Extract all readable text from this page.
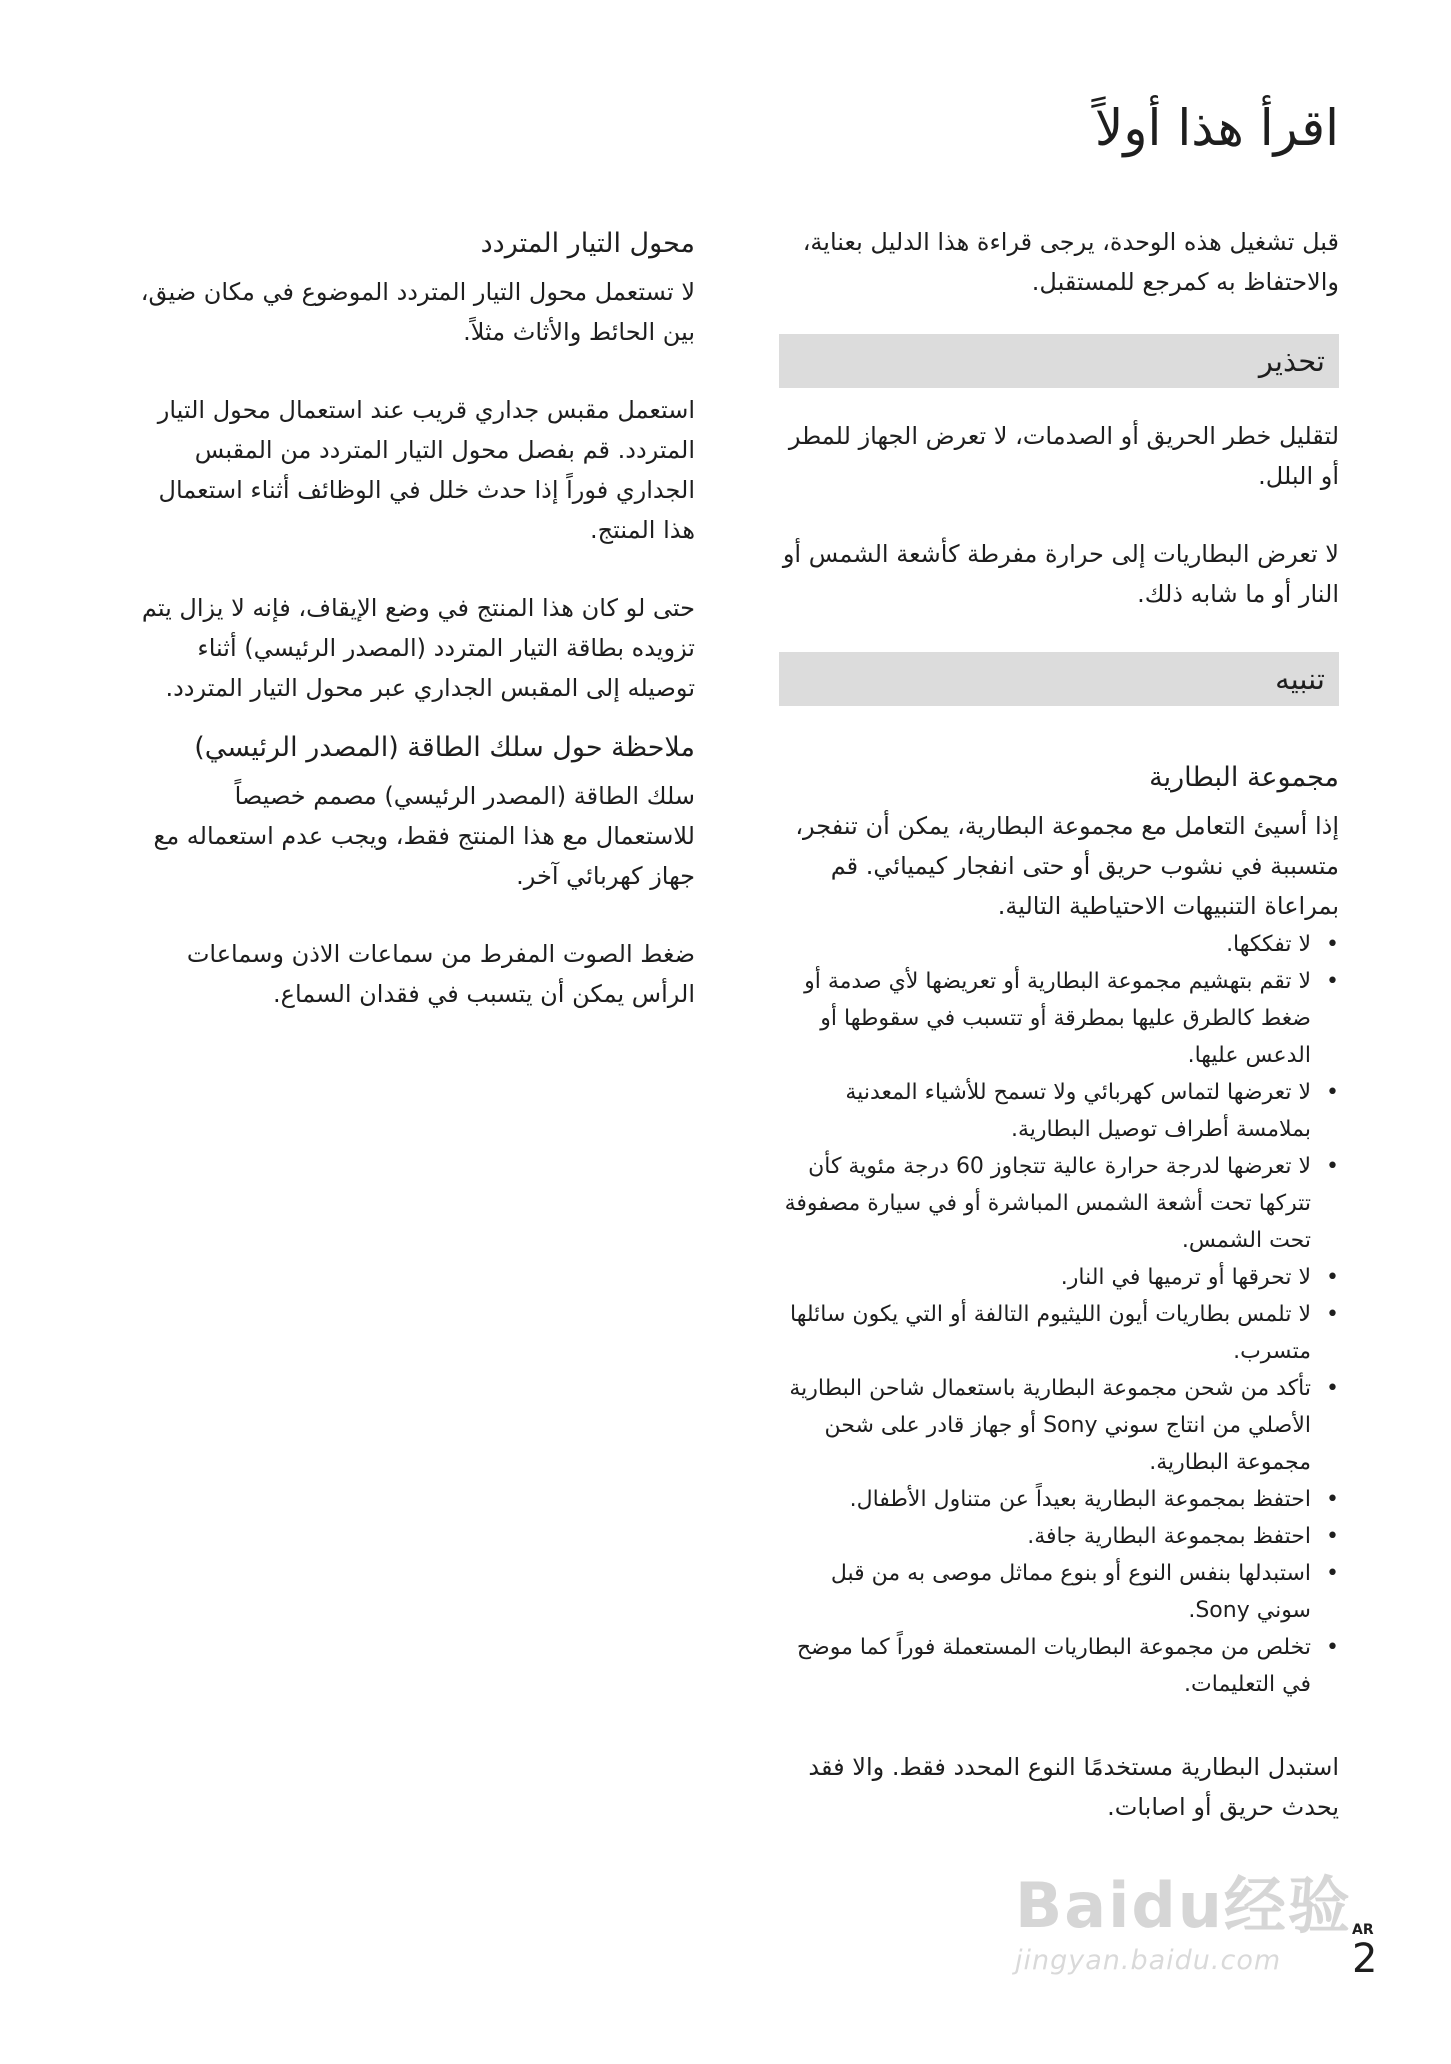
اقرأ هذا أولاً

قبل تشغيل هذه الوحدة، يرجى قراءة هذا الدليل بعناية، والاحتفاظ به كمرجع للمستقبل.

تحذير

لتقليل خطر الحريق أو الصدمات، لا تعرض الجهاز للمطر أو البلل.

لا تعرض البطاريات إلى حرارة مفرطة كأشعة الشمس أو النار أو ما شابه ذلك.

تنبيه
مجموعة البطارية

إذا أسيئ التعامل مع مجموعة البطارية، يمكن أن تنفجر، متسببة في نشوب حريق أو حتى انفجار كيميائي. قم بمراعاة التنبيهات الاحتياطية التالية.

• لا تفككها.
• لا تقم بتهشيم مجموعة البطارية أو تعريضها لأي صدمة أو ضغط كالطرق عليها بمطرقة أو تتسبب في سقوطها أو الدعس عليها.
• لا تعرضها لتماس كهربائي ولا تسمح للأشياء المعدنية بملامسة أطراف توصيل البطارية.
• لا تعرضها لدرجة حرارة عالية تتجاوز 60 درجة مئوية كأن تتركها تحت أشعة الشمس المباشرة أو في سيارة مصفوفة تحت الشمس.
• لا تحرقها أو ترميها في النار.
• لا تلمس بطاريات أيون الليثيوم التالفة أو التي يكون سائلها متسرب.
• تأكد من شحن مجموعة البطارية باستعمال شاحن البطارية الأصلي من انتاج سوني Sony أو جهاز قادر على شحن مجموعة البطارية.
• احتفظ بمجموعة البطارية بعيداً عن متناول الأطفال.
• احتفظ بمجموعة البطارية جافة.
• استبدلها بنفس النوع أو بنوع مماثل موصى به من قبل سوني Sony.
• تخلص من مجموعة البطاريات المستعملة فوراً كما موضح في التعليمات.

استبدل البطارية مستخدمًا النوع المحدد فقط. والا فقد يحدث حريق أو اصابات.

محول التيار المتردد

لا تستعمل محول التيار المتردد الموضوع في مكان ضيق، بين الحائط والأثاث مثلاً.

استعمل مقبس جداري قريب عند استعمال محول التيار المتردد. قم بفصل محول التيار المتردد من المقبس الجداري فوراً إذا حدث خلل في الوظائف أثناء استعمال هذا المنتج.

حتى لو كان هذا المنتج في وضع الإيقاف، فإنه لا يزال يتم تزويده بطاقة التيار المتردد (المصدر الرئيسي) أثناء توصيله إلى المقبس الجداري عبر محول التيار المتردد.

ملاحظة حول سلك الطاقة (المصدر الرئيسي)

سلك الطاقة (المصدر الرئيسي) مصمم خصيصاً للاستعمال مع هذا المنتج فقط، ويجب عدم استعماله مع جهاز كهربائي آخر.

ضغط الصوت المفرط من سماعات الاذن وسماعات الرأس يمكن أن يتسبب في فقدان السماع.

Baidu经验
jingyan.baidu.com
AR
2
